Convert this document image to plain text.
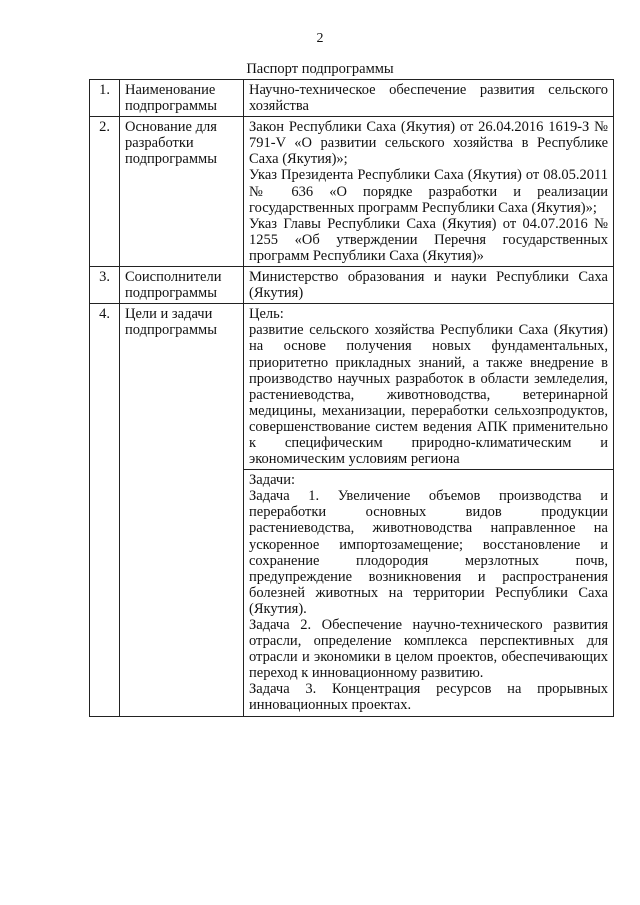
2
Паспорт подпрограммы
1.	Наименование подпрограммы	Научно-техническое обеспечение развития сельского хозяйства

2.	Основание для разработки подпрограммы	Закон Республики Саха (Якутия) от 26.04.2016 1619-З № 791-V «О развитии сельского хозяйства в Республике Саха (Якутия)»;
Указ Президента Республики Саха (Якутия) от 08.05.2011 № 636 «О порядке разработки и реализации государственных программ Республики Саха (Якутия)»;
Указ Главы Республики Саха (Якутия) от 04.07.2016 № 1255 «Об утверждении Перечня государственных программ Республики Саха (Якутия)»

3.	Соисполнители подпрограммы	Министерство образования и науки Республики Саха (Якутия)

4.	Цели и задачи подпрограммы	Цель:
развитие сельского хозяйства Республики Саха (Якутия) на основе получения новых фундаментальных, приоритетно прикладных знаний, а также внедрение в производство научных разработок в области земледелия, растениеводства, животноводства, ветеринарной медицины, механизации, переработки сельхозпродуктов, совершенствование систем ведения АПК применительно к специфическим природно-климатическим и экономическим условиям региона

		Задачи:
Задача 1. Увеличение объемов производства и переработки основных видов продукции растениеводства, животноводства направленное на ускоренное импортозамещение; восстановление и сохранение плодородия мерзлотных почв, предупреждение возникновения и распространения болезней животных на территории Республики Саха (Якутия).
Задача 2. Обеспечение научно-технического развития отрасли, определение комплекса перспективных для отрасли и экономики в целом проектов, обеспечивающих переход к инновационному развитию.
Задача 3. Концентрация ресурсов на прорывных инновационных проектах.
